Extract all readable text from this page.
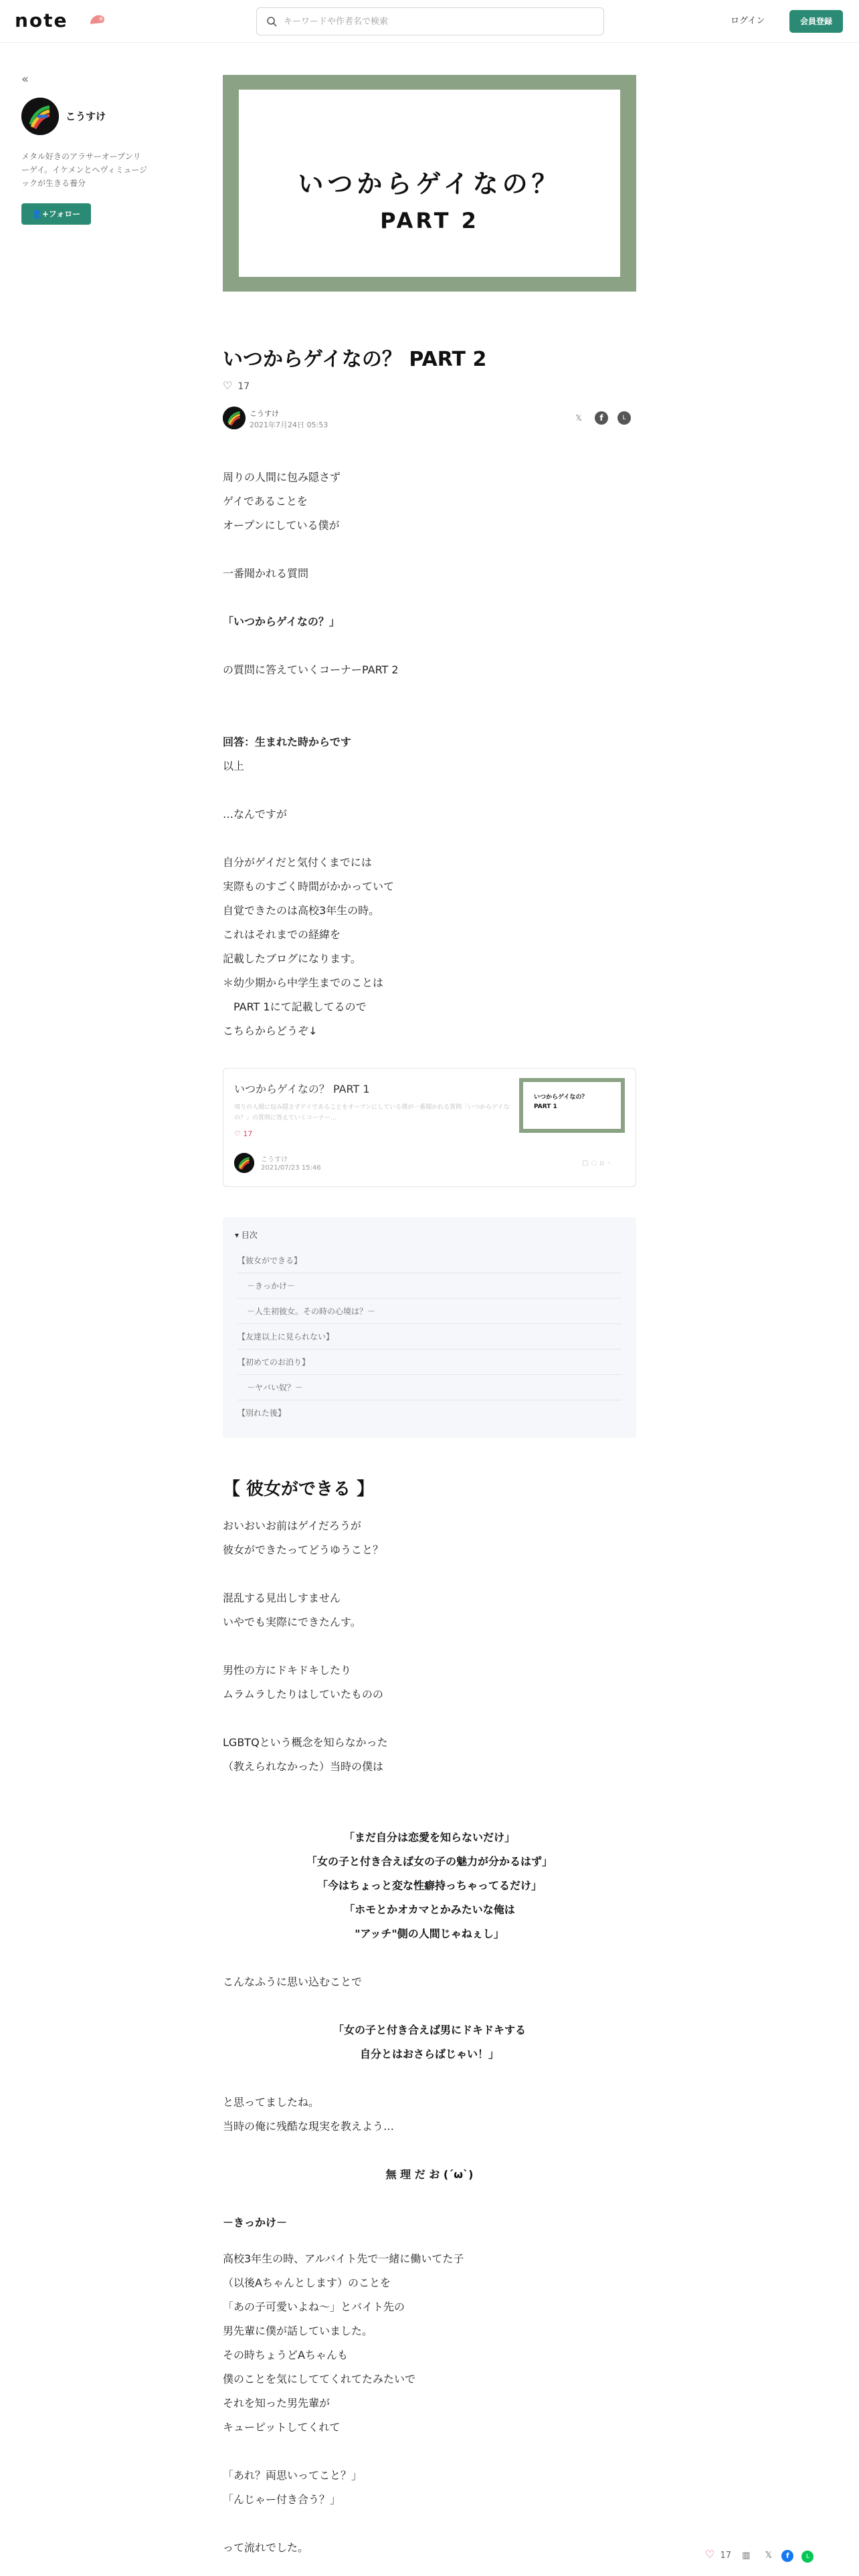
note
キーワードや作者名で検索	ログイン	会員登録
«
こうすけ
メタル好きのアラサーオープンリーゲイ。イケメンとヘヴィミュージックが生きる養分
👤+フォロー
いつからゲイなの？
PART 2
いつからゲイなの？ PART 2
♡ 17
こうすけ
2021年7月24日 05:53
𝕏	f	L
周りの人間に包み隠さず
ゲイであることを
オープンにしている僕が
一番聞かれる質問
「いつからゲイなの？」
の質問に答えていくコーナーPART 2
回答：生まれた時からです
以上
…なんですが
自分がゲイだと気付くまでには
実際ものすごく時間がかかっていて
自覚できたのは高校3年生の時。
これはそれまでの経緯を
記載したブログになります。
＊幼少期から中学生までのことは
　PART 1にて記載してるので
こちらからどうぞ↓
いつからゲイなの？ PART 1
周りの人間に包み隠さずゲイであることをオープンにしている僕が一番聞かれる質問「いつからゲイなの？」の質問に答えていくコーナー…
♡ 17
いつからゲイなの？
PART 1
こうすけ
2021/07/23 15:46
▢◌▫◦
▾ 目次
【彼女ができる】
－きっかけ－
－人生初彼女。その時の心境は？－
【友達以上に見られない】
【初めてのお泊り】
－ヤバい奴？－
【別れた後】
【 彼女ができる 】
おいおいお前はゲイだろうが
彼女ができたってどうゆうこと？
混乱する見出しすません
いやでも実際にできたんす。
男性の方にドキドキしたり
ムラムラしたりはしていたものの
LGBTQという概念を知らなかった
（教えられなかった）当時の僕は
「まだ自分は恋愛を知らないだけ」
「女の子と付き合えば女の子の魅力が分かるはず」
「今はちょっと変な性癖持っちゃってるだけ」
「ホモとかオカマとかみたいな俺は
"アッチ"側の人間じゃねぇし」
こんなふうに思い込むことで
「女の子と付き合えば男にドキドキする
自分とはおさらばじゃい！」
と思ってましたね。
当時の俺に残酷な現実を教えよう…
無 理 だ お (´ω`)
－きっかけ－
高校3年生の時、アルバイト先で一緒に働いてた子
（以後Aちゃんとします）のことを
「あの子可愛いよね〜」とバイト先の
男先輩に僕が話していました。
その時ちょうどAちゃんも
僕のことを気にしててくれてたみたいで
それを知った男先輩が
キューピットしてくれて
「あれ？両思いってこと？」
「んじゃー付き合う？」
って流れでした。
♡ 17 ▥ 𝕏 f	L
